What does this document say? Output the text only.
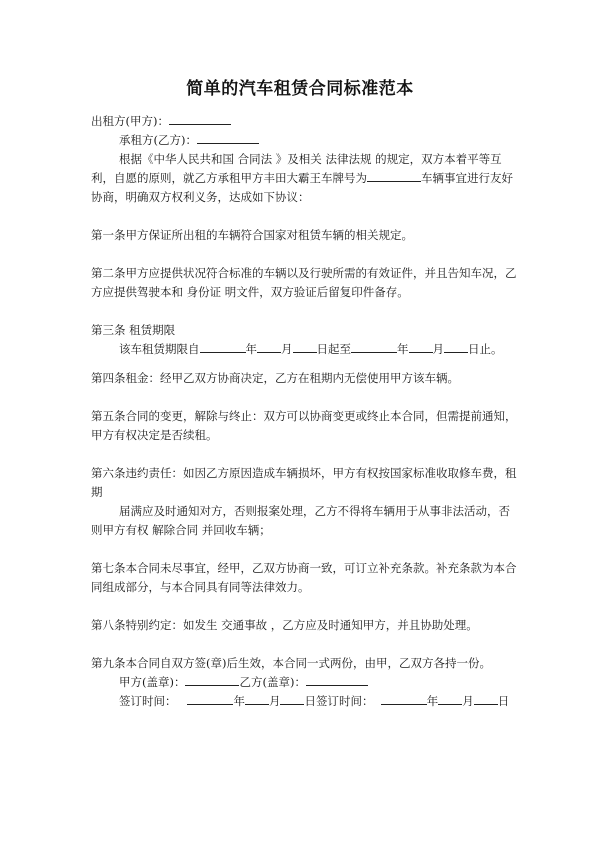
简单的汽车租赁合同标准范本
出租方(甲方)：
承租方(乙方)：
根据《中华人民共和国 合同法 》及相关 法律法规 的规定，双方本着平等互利，自愿的原则，就乙方承租甲方丰田大霸王车牌号为	车辆事宜进行友好协商，明确双方权利义务，达成如下协议：
第一条甲方保证所出租的车辆符合国家对租赁车辆的相关规定。
第二条甲方应提供状况符合标准的车辆以及行驶所需的有效证件，并且告知车况，乙方应提供驾驶本和 身份证 明文件，双方验证后留复印件备存。
第三条 租赁期限
该车租赁期限自	年 月 日起至	年 月 日止。
第四条租金：经甲乙双方协商决定，乙方在租期内无偿使用甲方该车辆。
第五条合同的变更，解除与终止：双方可以协商变更或终止本合同，但需提前通知，甲方有权决定是否续租。
第六条违约责任：如因乙方原因造成车辆损坏，甲方有权按国家标准收取修车费，租期
届满应及时通知对方，否则报案处理，乙方不得将车辆用于从事非法活动，否则甲方有权 解除合同 并回收车辆；
第七条本合同未尽事宜，经甲，乙双方协商一致，可订立补充条款。补充条款为本合同组成部分，与本合同具有同等法律效力。
第八条特别约定：如发生 交通事故 ，乙方应及时通知甲方，并且协助处理。
第九条本合同自双方签(章)后生效，本合同一式两份，由甲，乙双方各持一份。
甲方(盖章)：	乙方(盖章)：
签订时间：	年 月 日签订时间：	年 月 日
